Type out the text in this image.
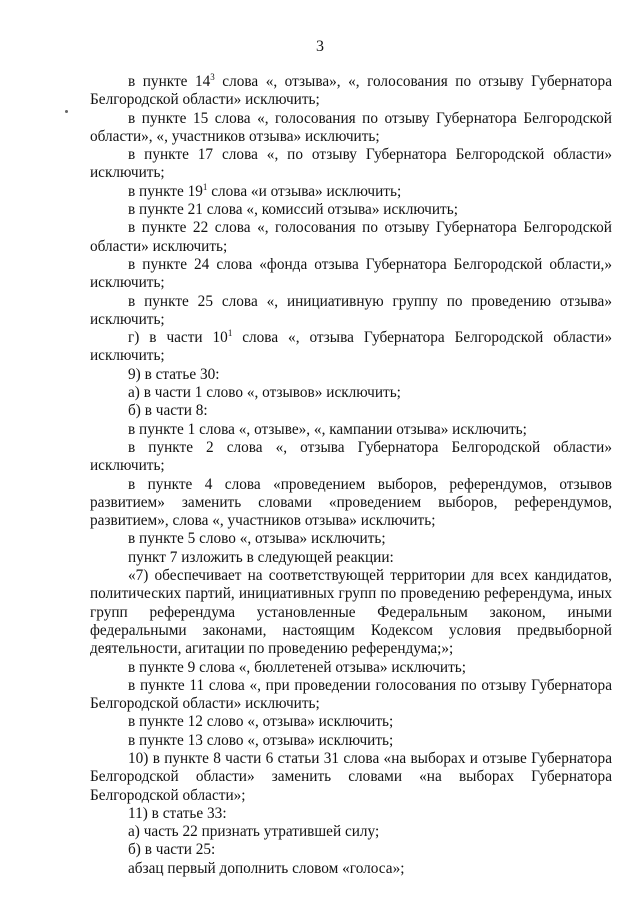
3

в пункте $14^3$ слова «, отзыва», «, голосования по отзыву Губернатора Белгородской области» исключить;

в пункте 15 слова «, голосования по отзыву Губернатора Белгородской области», «, участников отзыва» исключить;

в пункте 17 слова «, по отзыву Губернатора Белгородской области» исключить;

в пункте $19^1$ слова «и отзыва» исключить;

в пункте 21 слова «, комиссий отзыва» исключить;

в пункте 22 слова «, голосования по отзыву Губернатора Белгородской области» исключить;

в пункте 24 слова «фонда отзыва Губернатора Белгородской области,» исключить;

в пункте 25 слова «, инициативную группу по проведению отзыва» исключить;

г) в части $10^1$ слова «, отзыва Губернатора Белгородской области» исключить;

9) в статье 30:

а) в части 1 слово «, отзывов» исключить;

б) в части 8:

в пункте 1 слова «, отзыве», «, кампании отзыва» исключить;

в пункте 2 слова «, отзыва Губернатора Белгородской области» исключить;

в пункте 4 слова «проведением выборов, референдумов, отзывов развитием» заменить словами «проведением выборов, референдумов, развитием», слова «, участников отзыва» исключить;

в пункте 5 слово «, отзыва» исключить;

пункт 7 изложить в следующей реакции:

«7) обеспечивает на соответствующей территории для всех кандидатов, политических партий, инициативных групп по проведению референдума, иных групп референдума установленные Федеральным законом, иными федеральными законами, настоящим Кодексом условия предвыборной деятельности, агитации по проведению референдума;»;

в пункте 9 слова «, бюллетеней отзыва» исключить;

в пункте 11 слова «, при проведении голосования по отзыву Губернатора Белгородской области» исключить;

в пункте 12 слово «, отзыва» исключить;

в пункте 13 слово «, отзыва» исключить;

10) в пункте 8 части 6 статьи 31 слова «на выборах и отзыве Губернатора Белгородской области» заменить словами «на выборах Губернатора Белгородской области»;

11) в статье 33:

а) часть 22 признать утратившей силу;

б) в части 25:

абзац первый дополнить словом «голоса»;
